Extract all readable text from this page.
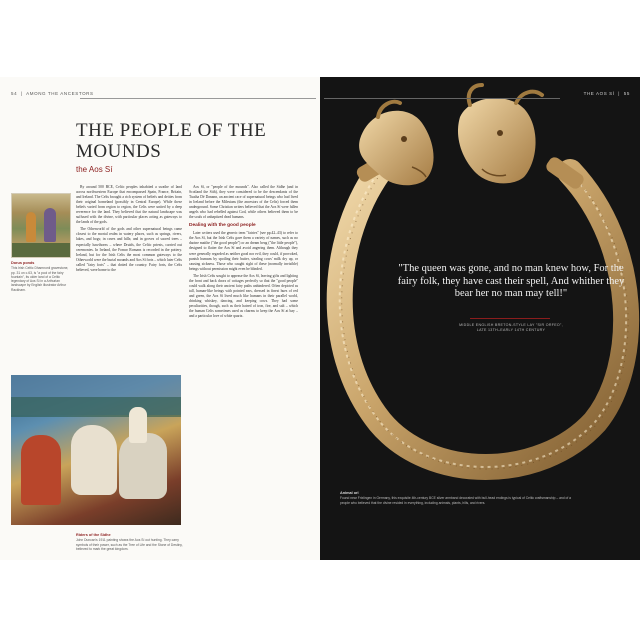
54  |  AMONG THE ANCESTORS
Dorus ponds
This Irish Celtic Dhamnonii gravestone, pp. 31 on c.63, is "a pool of the fairy fountain", its older land of a Celtic legendary of Aos Sí in a Arthurian landscape by English illustrator Arthur Rackham.
THE PEOPLE OF THE MOUNDS
the Aos Sí

By around 500 BCE, Celtic peoples inhabited a swathe of land across northwestern Europe that encompassed Spain, France, Britain, and Ireland. The Celts brought a rich system of beliefs and deities from their original homeland (possibly in Central Europe). While these beliefs varied from region to region, the Celts were united by a deep reverence for the land. They believed that the natural landscape was suffused with the divine, with particular places acting as gateways to the lands of the gods.

The Otherworld of the gods and other supernatural beings came closest to the mortal realm in watery places, such as springs, rivers, lakes, and bogs; in caves and hills; and in groves of sacred trees – especially hawthorns – where Druids, the Celtic priests, carried out ceremonies. In Ireland, the Fomor Romans is recorded in the pottery. Ireland, but for the Irish Celts the most common gateways to the Otherworld were the burial mounds and Aos Sí forts – which later Celts called "fairy forts" – that dotted the country. Fairy forts, the Celts believed, were home to the

Aos Sí, or "people of the mounds". Also called the Sidhe (and in Scotland the Sith), they were considered to be the descendants of the Tuatha Dé Danann, an ancient race of supernatural beings who had lived in Ireland before the Milesians (the ancestors of the Celts) forced them underground. Some Christian writers believed that the Aos Sí were fallen angels who had rebelled against God, while others believed them to be the souls of unbaptized dead humans.

Dealing with the good people

Later writers used the generic term "fairies" (see pp.42–43) to refer to the Aos Sí, but the Irish Celts gave them a variety of names, such as no daoine maithe ("the good people") or an dream beag ("the little people"), designed to flatter the Aos Sí and avoid angering them. Although they were generally regarded as neither good nor evil, they could, if provoked, punish humans by spoiling their butter, stealing cows' milk dry up, or causing sickness. Those who caught sight of these (normally invisible) beings without permission might even be blinded.

The Irish Celts sought to appease the Aos Sí, leaving gifts and lighting the front and back doors of cottages perfectly so that the "good people" could walk along their ancient fairy paths unhindered. Often depicted as tall, human-like beings with pointed ears, dressed in finest hues of red and green, the Aos Sí lived much like humans in their parallel world, drinking whiskey, dancing, and keeping cows. They had some peculiarities, though, such as their hatred of iron, fire, and salt – which the human Celts sometimes used as charms to keep the Aos Sí at bay – and a particular love of white quartz.

Riders of the Sidhe
John Duncan's 1911 painting shows the Aos Sí out hunting. They carry symbols of their power, such as the Tree of Life and the Stone of Destiny, believed to mark the great kingdom.
THE AOS SÍ  |  55
"The queen was gone, and no man knew how, For the fairy folk, they have cast their spell, And whither they bear her no man may tell!"
MIDDLE ENGLISH BRETON-STYLE LAY "SIR ORFEO",
LATE 13TH–EARLY 14TH CENTURY
Animal orl
Found near Frixlingen in Germany, this exquisite 4th-century BCE silver armband decorated with bull-head endings is typical of Celtic craftsmanship – and of a people who believed that the divine resided in everything, including animals, plants, hills, and rivers.
